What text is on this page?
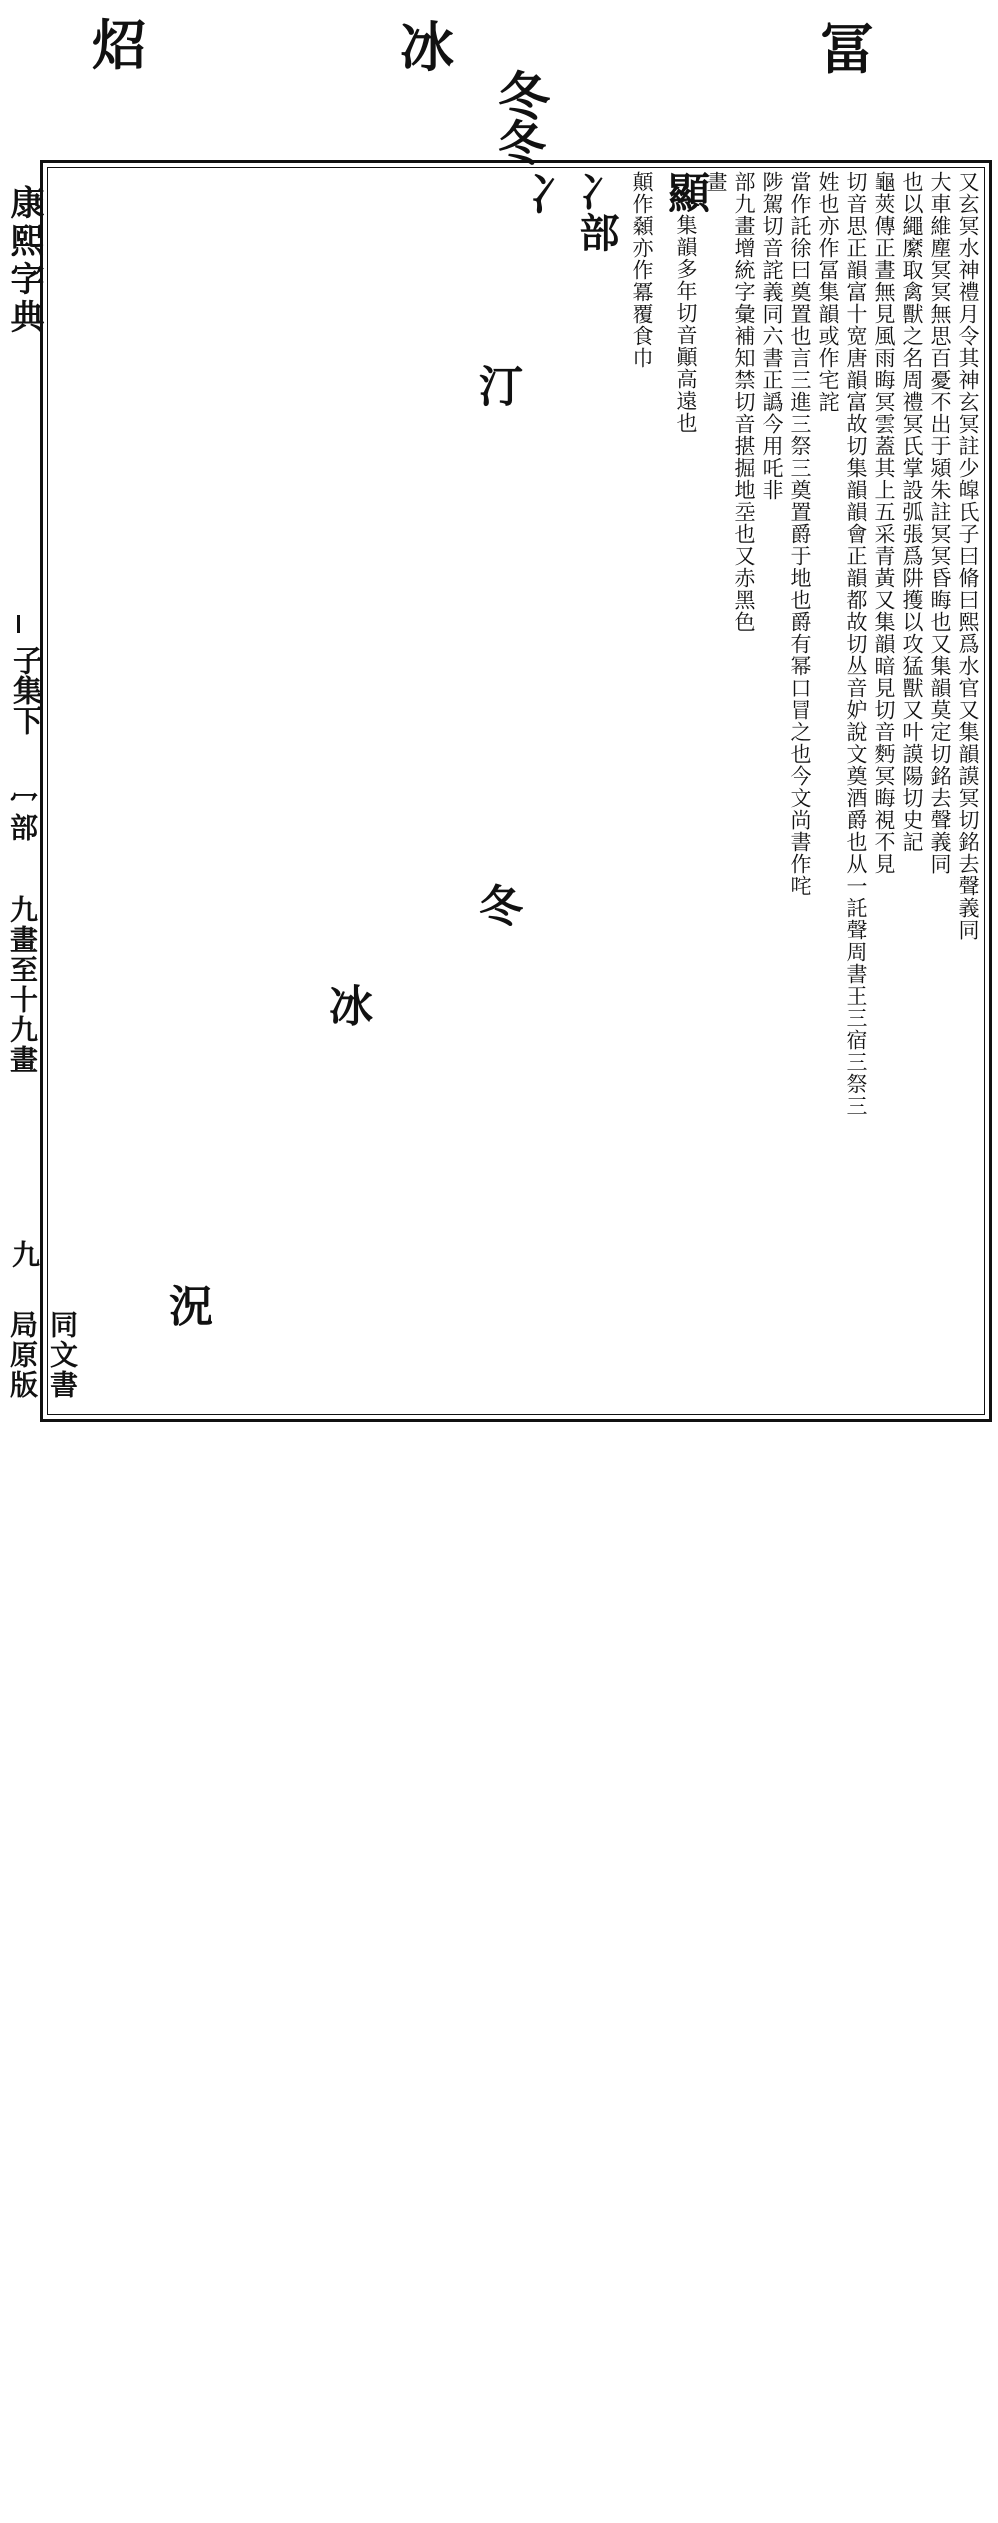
炤	冰
冬
冬
冨
康熙字典
子集下
冖部
九畫至十九畫
九
同文書局原版
又玄冥水神禮月令其神玄冥註少皡氏子曰脩曰熙爲水官又集韻謨冥切銘去聲義同
大車維塵冥冥無思百憂不出于熲朱註冥冥昏晦也又集韻莫定切銘去聲義同
也以繩縻取禽獸之名周禮冥氏掌設弧張爲阱擭以攻猛獸又叶謨陽切史記
龜莢傳正晝無見風雨晦冥雲蓋其上五采青黃又集韻暗見切音麪冥晦視不見
切音思正韻富十宽唐韻富故切集韻韻會正韻都故切丛音妒說文奠酒爵也从一託聲周書王三宿三祭三
姓也亦作冨集韻或作宅詫
當作託徐曰奠置也言三進三祭三奠置爵于地也爵有幂口冒之也今文尚書作咤
陟駕切音詫義同六書正譌今用吒非
部九畫增統字彙補知禁切音揕掘地坖也又赤黑色
畫
顯集韻多年切音顚高遠也
顛作顙亦作冪覆食巾
冫部
冫
汀
冬
冰
況
